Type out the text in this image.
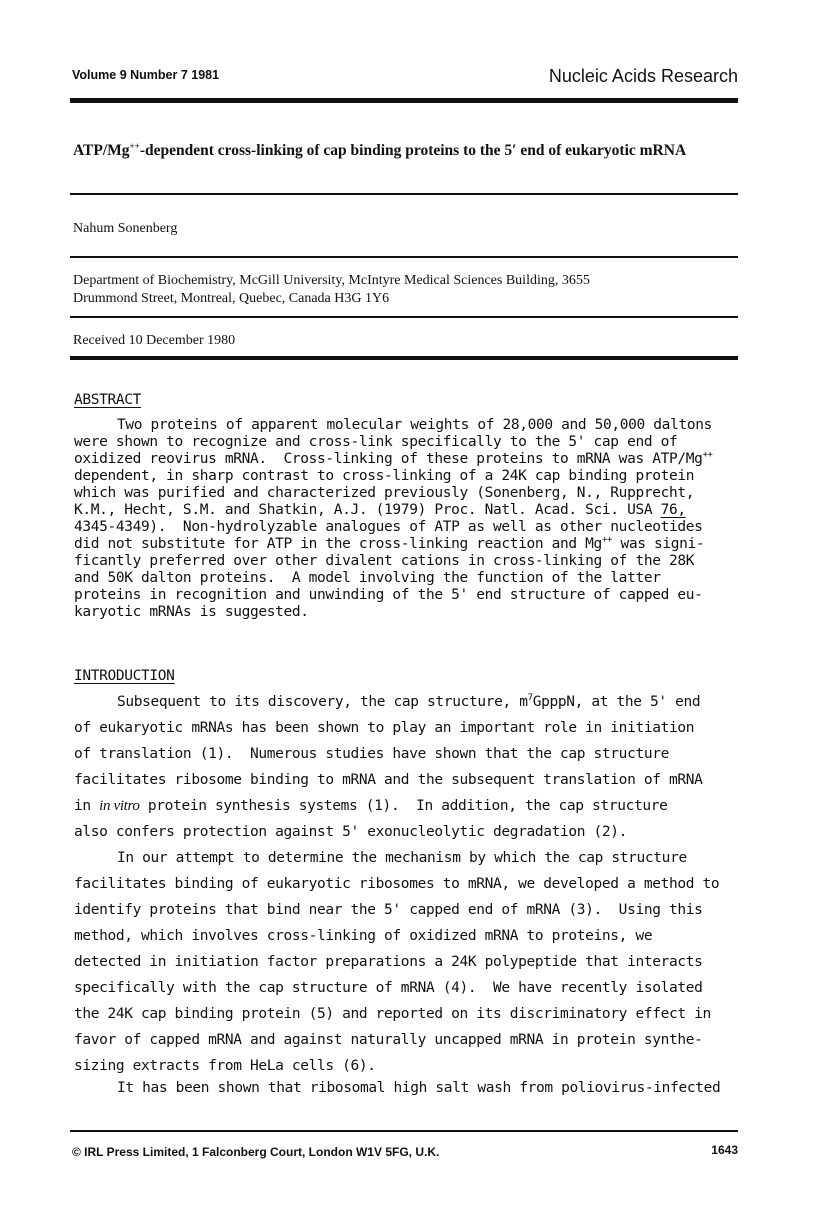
Volume 9 Number 7 1981	Nucleic Acids Research
ATP/Mg++-dependent cross-linking of cap binding proteins to the 5′ end of eukaryotic mRNA
Nahum Sonenberg
Department of Biochemistry, McGill University, McIntyre Medical Sciences Building, 3655
Drummond Street, Montreal, Quebec, Canada H3G 1Y6
Received 10 December 1980
ABSTRACT
Two proteins of apparent molecular weights of 28,000 and 50,000 daltons
were shown to recognize and cross-link specifically to the 5' cap end of
oxidized reovirus mRNA.  Cross-linking of these proteins to mRNA was ATP/Mg++
dependent, in sharp contrast to cross-linking of a 24K cap binding protein
which was purified and characterized previously (Sonenberg, N., Rupprecht,
K.M., Hecht, S.M. and Shatkin, A.J. (1979) Proc. Natl. Acad. Sci. USA 76,
4345-4349).  Non-hydrolyzable analogues of ATP as well as other nucleotides
did not substitute for ATP in the cross-linking reaction and Mg++ was signi-
ficantly preferred over other divalent cations in cross-linking of the 28K
and 50K dalton proteins.  A model involving the function of the latter
proteins in recognition and unwinding of the 5' end structure of capped eu-
karyotic mRNAs is suggested.
INTRODUCTION
Subsequent to its discovery, the cap structure, $m^7GpppN$, at the 5' end
of eukaryotic mRNAs has been shown to play an important role in initiation
of translation (1).  Numerous studies have shown that the cap structure
facilitates ribosome binding to mRNA and the subsequent translation of mRNA
in in vitro protein synthesis systems (1).  In addition, the cap structure
also confers protection against 5' exonucleolytic degradation (2).
In our attempt to determine the mechanism by which the cap structure
facilitates binding of eukaryotic ribosomes to mRNA, we developed a method to
identify proteins that bind near the 5' capped end of mRNA (3).  Using this
method, which involves cross-linking of oxidized mRNA to proteins, we
detected in initiation factor preparations a 24K polypeptide that interacts
specifically with the cap structure of mRNA (4).  We have recently isolated
the 24K cap binding protein (5) and reported on its discriminatory effect in
favor of capped mRNA and against naturally uncapped mRNA in protein synthe-
sizing extracts from HeLa cells (6).
It has been shown that ribosomal high salt wash from poliovirus-infected
© IRL Press Limited, 1 Falconberg Court, London W1V 5FG, U.K.	1643
